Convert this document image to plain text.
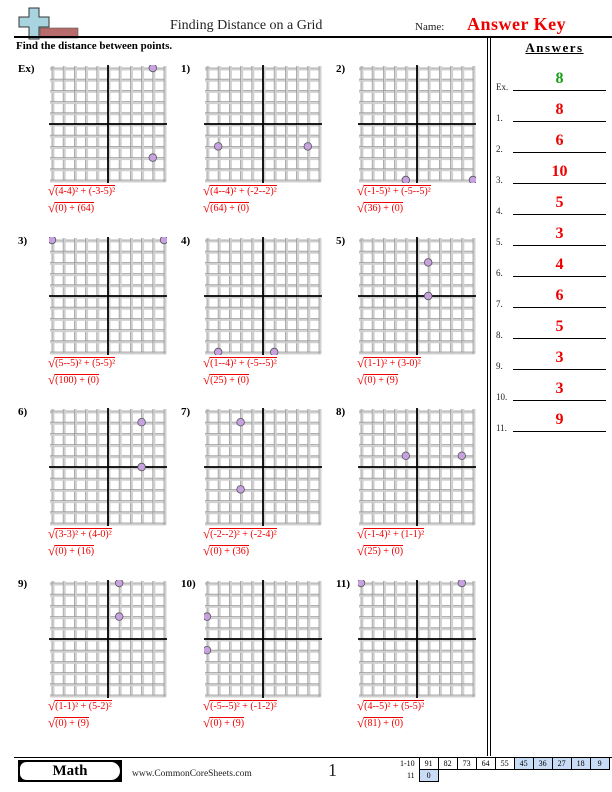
Finding Distance on a Grid	Name: Answer Key
Find the distance between points.	Answers
Ex.	8
1.	8
2.	6
3.	10
4.	5
5.	3
6.	4
7.	6
8.	5
9.	3
10.	3
11.	9
Ex)
√(4-4)² + (-3-5)²
√(0) + (64)
1)
√(4--4)² + (-2--2)²
√(64) + (0)
2)
√(-1-5)² + (-5--5)²
√(36) + (0)
3)
√(5--5)² + (5-5)²
√(100) + (0)
4)
√(1--4)² + (-5--5)²
√(25) + (0)
5)
√(1-1)² + (3-0)²
√(0) + (9)
6)
√(3-3)² + (4-0)²
√(0) + (16)
7)
√(-2--2)² + (-2-4)²
√(0) + (36)
8)
√(-1-4)² + (1-1)²
√(25) + (0)
9)
√(1-1)² + (5-2)²
√(0) + (9)
10)
√(-5--5)² + (-1-2)²
√(0) + (9)
11)
√(4--5)² + (5-5)²
√(81) + (0)
Math	www.CommonCoreSheets.com	1	1-10	91	82	73	64	55	45	36	27	18	9
11	0									
